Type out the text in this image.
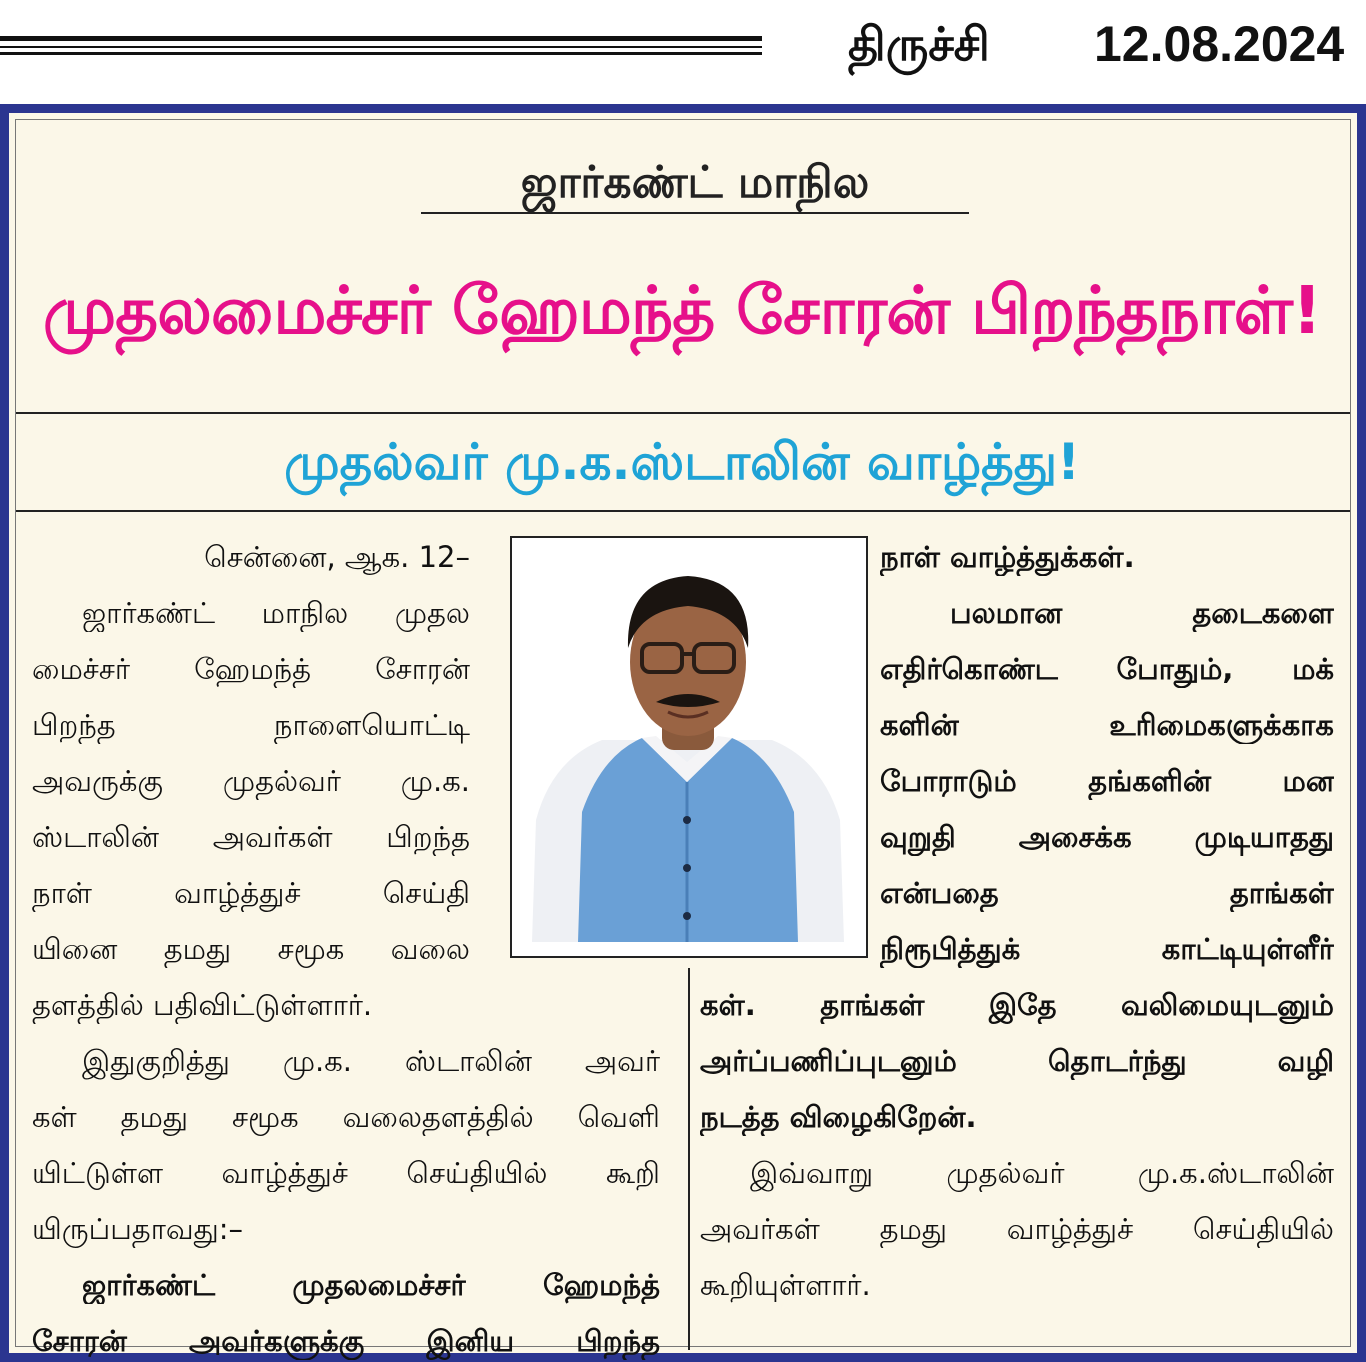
திருச்சி 12.08.2024
ஜார்கண்ட் மாநில
முதலமைச்சர் ஹேமந்த் சோரன் பிறந்தநாள்!
முதல்வர் மு.க.ஸ்டாலின் வாழ்த்து!
சென்னை, ஆக. 12–
ஜார்கண்ட் மாநில முதல
மைச்சர் ஹேமந்த் சோரன்
பிறந்த நாளையொட்டி
அவருக்கு முதல்வர் மு.க.
ஸ்டாலின் அவர்கள் பிறந்த
நாள் வாழ்த்துச் செய்தி
யினை தமது சமூக வலை
தளத்தில் பதிவிட்டுள்ளார்.
இதுகுறித்து மு.க. ஸ்டாலின் அவர்
கள் தமது சமூக வலைதளத்தில் வெளி
யிட்டுள்ள வாழ்த்துச் செய்தியில் கூறி
யிருப்பதாவது:–
ஜார்கண்ட் முதலமைச்சர் ஹேமந்த்
சோரன் அவர்களுக்கு இனிய பிறந்த
நாள் வாழ்த்துக்கள்.
பலமான தடைகளை
எதிர்கொண்ட போதும், மக்
களின் உரிமைகளுக்காக
போராடும் தங்களின் மன
வுறுதி அசைக்க முடியாதது
என்பதை தாங்கள்
நிரூபித்துக் காட்டியுள்ளீர்
கள். தாங்கள் இதே வலிமையுடனும்
அர்ப்பணிப்புடனும் தொடர்ந்து வழி
நடத்த விழைகிறேன்.
இவ்வாறு முதல்வர் மு.க.ஸ்டாலின்
அவர்கள் தமது வாழ்த்துச் செய்தியில்
கூறியுள்ளார்.
